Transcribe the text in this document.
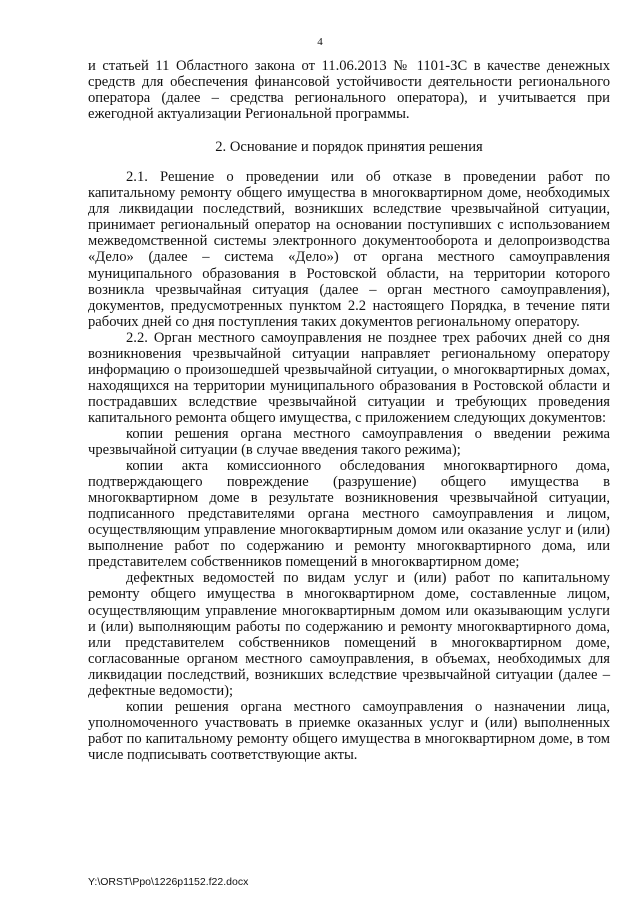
4

и статьей 11 Областного закона от 11.06.2013 № 1101-ЗС в качестве денежных средств для обеспечения финансовой устойчивости деятельности регионального оператора (далее – средства регионального оператора), и учитывается при ежегодной актуализации Региональной программы.

2. Основание и порядок принятия решения

2.1. Решение о проведении или об отказе в проведении работ по капитальному ремонту общего имущества в многоквартирном доме, необходимых для ликвидации последствий, возникших вследствие чрезвычайной ситуации, принимает региональный оператор на основании поступивших с использованием межведомственной системы электронного документооборота и делопроизводства «Дело» (далее – система «Дело») от органа местного самоуправления муниципального образования в Ростовской области, на территории которого возникла чрезвычайная ситуация (далее – орган местного самоуправления), документов, предусмотренных пунктом 2.2 настоящего Порядка, в течение пяти рабочих дней со дня поступления таких документов региональному оператору.

2.2. Орган местного самоуправления не позднее трех рабочих дней со дня возникновения чрезвычайной ситуации направляет региональному оператору информацию о произошедшей чрезвычайной ситуации, о многоквартирных домах, находящихся на территории муниципального образования в Ростовской области и пострадавших вследствие чрезвычайной ситуации и требующих проведения капитального ремонта общего имущества, с приложением следующих документов:

копии решения органа местного самоуправления о введении режима чрезвычайной ситуации (в случае введения такого режима);

копии акта комиссионного обследования многоквартирного дома, подтверждающего повреждение (разрушение) общего имущества в многоквартирном доме в результате возникновения чрезвычайной ситуации, подписанного представителями органа местного самоуправления и лицом, осуществляющим управление многоквартирным домом или оказание услуг и (или) выполнение работ по содержанию и ремонту многоквартирного дома, или представителем собственников помещений в многоквартирном доме;

дефектных ведомостей по видам услуг и (или) работ по капитальному ремонту общего имущества в многоквартирном доме, составленные лицом, осуществляющим управление многоквартирным домом или оказывающим услуги и (или) выполняющим работы по содержанию и ремонту многоквартирного дома, или представителем собственников помещений в многоквартирном доме, согласованные органом местного самоуправления, в объемах, необходимых для ликвидации последствий, возникших вследствие чрезвычайной ситуации (далее – дефектные ведомости);

копии решения органа местного самоуправления о назначении лица, уполномоченного участвовать в приемке оказанных услуг и (или) выполненных работ по капитальному ремонту общего имущества в многоквартирном доме, в том числе подписывать соответствующие акты.

Y:\ORST\Ppo\1226p1152.f22.docx
